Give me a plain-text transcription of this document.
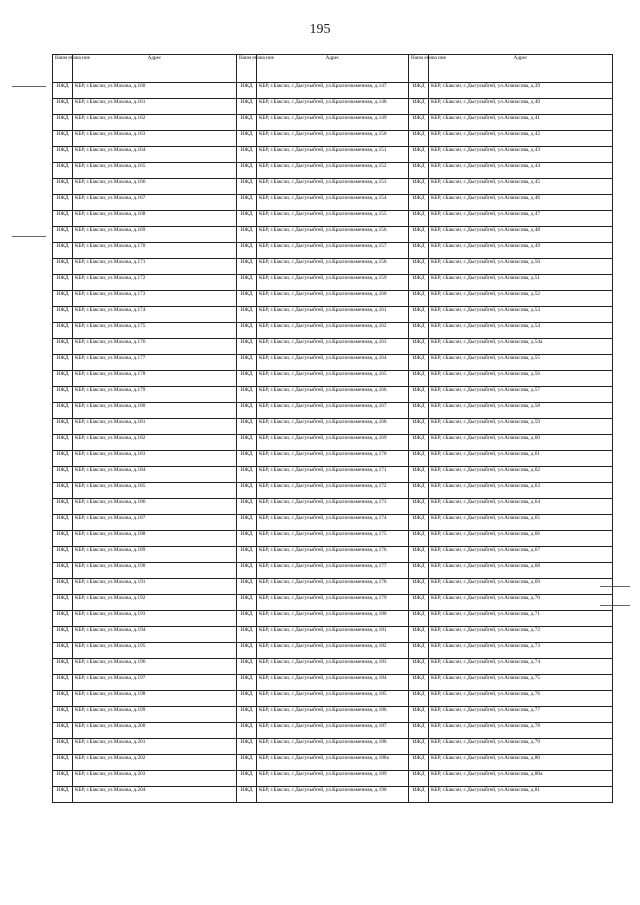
195
Наим енова ние	Адрес	Наим енова ние	Адрес	Наим енова ние	Адрес
ИЖД	КБР, г.Баксан, ул.Махова, д.160	ИЖД	КБР, г.Баксан, с.Дыгулыбгей, ул.Краснознаменная, д.147	ИЖД	КБР, г.Баксан, с.Дыгулыбгей, ул.Апанасова, д.39
ИЖД	КБР, г.Баксан, ул.Махова, д.161	ИЖД	КБР, г.Баксан, с.Дыгулыбгей, ул.Краснознаменная, д.148	ИЖД	КБР, г.Баксан, с.Дыгулыбгей, ул.Апанасова, д.40
ИЖД	КБР, г.Баксан, ул.Махова, д.162	ИЖД	КБР, г.Баксан, с.Дыгулыбгей, ул.Краснознаменная, д.149	ИЖД	КБР, г.Баксан, с.Дыгулыбгей, ул.Апанасова, д.41
ИЖД	КБР, г.Баксан, ул.Махова, д.163	ИЖД	КБР, г.Баксан, с.Дыгулыбгей, ул.Краснознаменная, д.150	ИЖД	КБР, г.Баксан, с.Дыгулыбгей, ул.Апанасова, д.42
ИЖД	КБР, г.Баксан, ул.Махова, д.164	ИЖД	КБР, г.Баксан, с.Дыгулыбгей, ул.Краснознаменная, д.151	ИЖД	КБР, г.Баксан, с.Дыгулыбгей, ул.Апанасова, д.43
ИЖД	КБР, г.Баксан, ул.Махова, д.165	ИЖД	КБР, г.Баксан, с.Дыгулыбгей, ул.Краснознаменная, д.152	ИЖД	КБР, г.Баксан, с.Дыгулыбгей, ул.Апанасова, д.44
ИЖД	КБР, г.Баксан, ул.Махова, д.166	ИЖД	КБР, г.Баксан, с.Дыгулыбгей, ул.Краснознаменная, д.153	ИЖД	КБР, г.Баксан, с.Дыгулыбгей, ул.Апанасова, д.45
ИЖД	КБР, г.Баксан, ул.Махова, д.167	ИЖД	КБР, г.Баксан, с.Дыгулыбгей, ул.Краснознаменная, д.154	ИЖД	КБР, г.Баксан, с.Дыгулыбгей, ул.Апанасова, д.46
ИЖД	КБР, г.Баксан, ул.Махова, д.168	ИЖД	КБР, г.Баксан, с.Дыгулыбгей, ул.Краснознаменная, д.155	ИЖД	КБР, г.Баксан, с.Дыгулыбгей, ул.Апанасова, д.47
ИЖД	КБР, г.Баксан, ул.Махова, д.169	ИЖД	КБР, г.Баксан, с.Дыгулыбгей, ул.Краснознаменная, д.156	ИЖД	КБР, г.Баксан, с.Дыгулыбгей, ул.Апанасова, д.48
ИЖД	КБР, г.Баксан, ул.Махова, д.170	ИЖД	КБР, г.Баксан, с.Дыгулыбгей, ул.Краснознаменная, д.157	ИЖД	КБР, г.Баксан, с.Дыгулыбгей, ул.Апанасова, д.49
ИЖД	КБР, г.Баксан, ул.Махова, д.171	ИЖД	КБР, г.Баксан, с.Дыгулыбгей, ул.Краснознаменная, д.158	ИЖД	КБР, г.Баксан, с.Дыгулыбгей, ул.Апанасова, д.50
ИЖД	КБР, г.Баксан, ул.Махова, д.172	ИЖД	КБР, г.Баксан, с.Дыгулыбгей, ул.Краснознаменная, д.159	ИЖД	КБР, г.Баксан, с.Дыгулыбгей, ул.Апанасова, д.51
ИЖД	КБР, г.Баксан, ул.Махова, д.173	ИЖД	КБР, г.Баксан, с.Дыгулыбгей, ул.Краснознаменная, д.160	ИЖД	КБР, г.Баксан, с.Дыгулыбгей, ул.Апанасова, д.52
ИЖД	КБР, г.Баксан, ул.Махова, д.174	ИЖД	КБР, г.Баксан, с.Дыгулыбгей, ул.Краснознаменная, д.161	ИЖД	КБР, г.Баксан, с.Дыгулыбгей, ул.Апанасова, д.53
ИЖД	КБР, г.Баксан, ул.Махова, д.175	ИЖД	КБР, г.Баксан, с.Дыгулыбгей, ул.Краснознаменная, д.162	ИЖД	КБР, г.Баксан, с.Дыгулыбгей, ул.Апанасова, д.54
ИЖД	КБР, г.Баксан, ул.Махова, д.176	ИЖД	КБР, г.Баксан, с.Дыгулыбгей, ул.Краснознаменная, д.163	ИЖД	КБР, г.Баксан, с.Дыгулыбгей, ул.Апанасова, д.54а
ИЖД	КБР, г.Баксан, ул.Махова, д.177	ИЖД	КБР, г.Баксан, с.Дыгулыбгей, ул.Краснознаменная, д.164	ИЖД	КБР, г.Баксан, с.Дыгулыбгей, ул.Апанасова, д.55
ИЖД	КБР, г.Баксан, ул.Махова, д.178	ИЖД	КБР, г.Баксан, с.Дыгулыбгей, ул.Краснознаменная, д.165	ИЖД	КБР, г.Баксан, с.Дыгулыбгей, ул.Апанасова, д.56
ИЖД	КБР, г.Баксан, ул.Махова, д.179	ИЖД	КБР, г.Баксан, с.Дыгулыбгей, ул.Краснознаменная, д.166	ИЖД	КБР, г.Баксан, с.Дыгулыбгей, ул.Апанасова, д.57
ИЖД	КБР, г.Баксан, ул.Махова, д.180	ИЖД	КБР, г.Баксан, с.Дыгулыбгей, ул.Краснознаменная, д.167	ИЖД	КБР, г.Баксан, с.Дыгулыбгей, ул.Апанасова, д.58
ИЖД	КБР, г.Баксан, ул.Махова, д.181	ИЖД	КБР, г.Баксан, с.Дыгулыбгей, ул.Краснознаменная, д.168	ИЖД	КБР, г.Баксан, с.Дыгулыбгей, ул.Апанасова, д.59
ИЖД	КБР, г.Баксан, ул.Махова, д.182	ИЖД	КБР, г.Баксан, с.Дыгулыбгей, ул.Краснознаменная, д.169	ИЖД	КБР, г.Баксан, с.Дыгулыбгей, ул.Апанасова, д.60
ИЖД	КБР, г.Баксан, ул.Махова, д.183	ИЖД	КБР, г.Баксан, с.Дыгулыбгей, ул.Краснознаменная, д.170	ИЖД	КБР, г.Баксан, с.Дыгулыбгей, ул.Апанасова, д.61
ИЖД	КБР, г.Баксан, ул.Махова, д.184	ИЖД	КБР, г.Баксан, с.Дыгулыбгей, ул.Краснознаменная, д.171	ИЖД	КБР, г.Баксан, с.Дыгулыбгей, ул.Апанасова, д.62
ИЖД	КБР, г.Баксан, ул.Махова, д.185	ИЖД	КБР, г.Баксан, с.Дыгулыбгей, ул.Краснознаменная, д.172	ИЖД	КБР, г.Баксан, с.Дыгулыбгей, ул.Апанасова, д.63
ИЖД	КБР, г.Баксан, ул.Махова, д.186	ИЖД	КБР, г.Баксан, с.Дыгулыбгей, ул.Краснознаменная, д.173	ИЖД	КБР, г.Баксан, с.Дыгулыбгей, ул.Апанасова, д.64
ИЖД	КБР, г.Баксан, ул.Махова, д.187	ИЖД	КБР, г.Баксан, с.Дыгулыбгей, ул.Краснознаменная, д.174	ИЖД	КБР, г.Баксан, с.Дыгулыбгей, ул.Апанасова, д.65
ИЖД	КБР, г.Баксан, ул.Махова, д.188	ИЖД	КБР, г.Баксан, с.Дыгулыбгей, ул.Краснознаменная, д.175	ИЖД	КБР, г.Баксан, с.Дыгулыбгей, ул.Апанасова, д.66
ИЖД	КБР, г.Баксан, ул.Махова, д.189	ИЖД	КБР, г.Баксан, с.Дыгулыбгей, ул.Краснознаменная, д.176	ИЖД	КБР, г.Баксан, с.Дыгулыбгей, ул.Апанасова, д.67
ИЖД	КБР, г.Баксан, ул.Махова, д.190	ИЖД	КБР, г.Баксан, с.Дыгулыбгей, ул.Краснознаменная, д.177	ИЖД	КБР, г.Баксан, с.Дыгулыбгей, ул.Апанасова, д.68
ИЖД	КБР, г.Баксан, ул.Махова, д.191	ИЖД	КБР, г.Баксан, с.Дыгулыбгей, ул.Краснознаменная, д.178	ИЖД	КБР, г.Баксан, с.Дыгулыбгей, ул.Апанасова, д.69
ИЖД	КБР, г.Баксан, ул.Махова, д.192	ИЖД	КБР, г.Баксан, с.Дыгулыбгей, ул.Краснознаменная, д.179	ИЖД	КБР, г.Баксан, с.Дыгулыбгей, ул.Апанасова, д.70
ИЖД	КБР, г.Баксан, ул.Махова, д.193	ИЖД	КБР, г.Баксан, с.Дыгулыбгей, ул.Краснознаменная, д.180	ИЖД	КБР, г.Баксан, с.Дыгулыбгей, ул.Апанасова, д.71
ИЖД	КБР, г.Баксан, ул.Махова, д.194	ИЖД	КБР, г.Баксан, с.Дыгулыбгей, ул.Краснознаменная, д.181	ИЖД	КБР, г.Баксан, с.Дыгулыбгей, ул.Апанасова, д.72
ИЖД	КБР, г.Баксан, ул.Махова, д.195	ИЖД	КБР, г.Баксан, с.Дыгулыбгей, ул.Краснознаменная, д.182	ИЖД	КБР, г.Баксан, с.Дыгулыбгей, ул.Апанасова, д.73
ИЖД	КБР, г.Баксан, ул.Махова, д.196	ИЖД	КБР, г.Баксан, с.Дыгулыбгей, ул.Краснознаменная, д.183	ИЖД	КБР, г.Баксан, с.Дыгулыбгей, ул.Апанасова, д.74
ИЖД	КБР, г.Баксан, ул.Махова, д.197	ИЖД	КБР, г.Баксан, с.Дыгулыбгей, ул.Краснознаменная, д.184	ИЖД	КБР, г.Баксан, с.Дыгулыбгей, ул.Апанасова, д.75
ИЖД	КБР, г.Баксан, ул.Махова, д.198	ИЖД	КБР, г.Баксан, с.Дыгулыбгей, ул.Краснознаменная, д.185	ИЖД	КБР, г.Баксан, с.Дыгулыбгей, ул.Апанасова, д.76
ИЖД	КБР, г.Баксан, ул.Махова, д.199	ИЖД	КБР, г.Баксан, с.Дыгулыбгей, ул.Краснознаменная, д.186	ИЖД	КБР, г.Баксан, с.Дыгулыбгей, ул.Апанасова, д.77
ИЖД	КБР, г.Баксан, ул.Махова, д.200	ИЖД	КБР, г.Баксан, с.Дыгулыбгей, ул.Краснознаменная, д.187	ИЖД	КБР, г.Баксан, с.Дыгулыбгей, ул.Апанасова, д.78
ИЖД	КБР, г.Баксан, ул.Махова, д.201	ИЖД	КБР, г.Баксан, с.Дыгулыбгей, ул.Краснознаменная, д.188	ИЖД	КБР, г.Баксан, с.Дыгулыбгей, ул.Апанасова, д.79
ИЖД	КБР, г.Баксан, ул.Махова, д.202	ИЖД	КБР, г.Баксан, с.Дыгулыбгей, ул.Краснознаменная, д.188а	ИЖД	КБР, г.Баксан, с.Дыгулыбгей, ул.Апанасова, д.80
ИЖД	КБР, г.Баксан, ул.Махова, д.203	ИЖД	КБР, г.Баксан, с.Дыгулыбгей, ул.Краснознаменная, д.189	ИЖД	КБР, г.Баксан, с.Дыгулыбгей, ул.Апанасова, д.80а
ИЖД	КБР, г.Баксан, ул.Махова, д.204	ИЖД	КБР, г.Баксан, с.Дыгулыбгей, ул.Краснознаменная, д.190	ИЖД	КБР, г.Баксан, с.Дыгулыбгей, ул.Апанасова, д.81
